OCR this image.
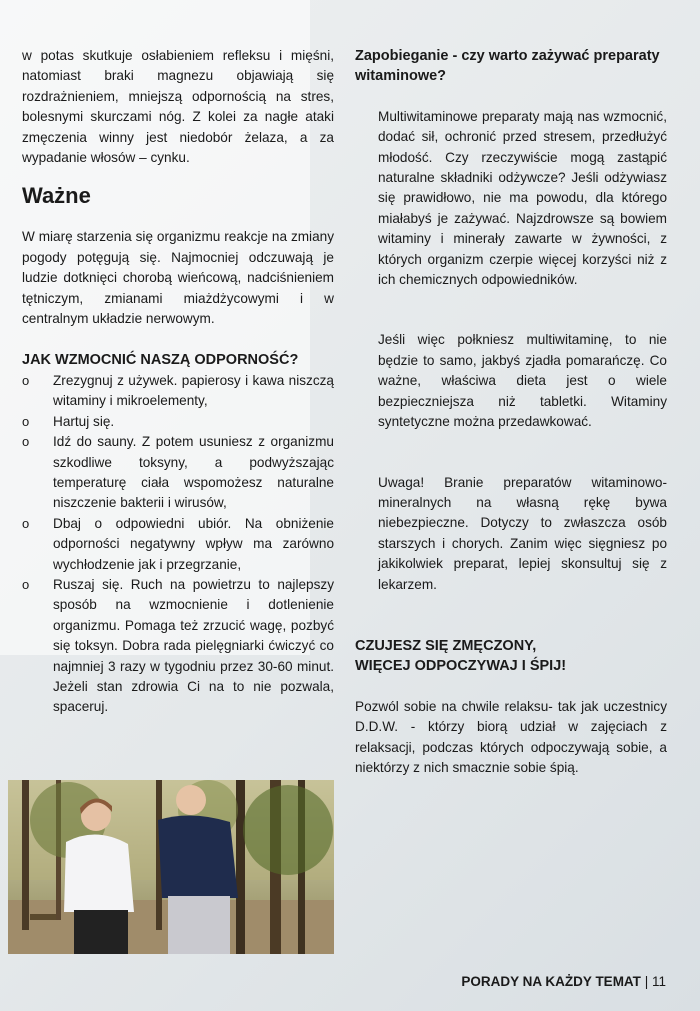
w potas skutkuje osłabieniem refleksu i mięśni, natomiast braki magnezu objawiają się rozdrażnieniem, mniejszą odpornością na stres, bolesnymi skurczami nóg. Z kolei za nagłe ataki zmęczenia winny jest niedobór żelaza, a za wypadanie włosów – cynku.

Ważne

W miarę starzenia się organizmu reakcje na zmiany pogody potęgują się. Najmocniej odczuwają je ludzie dotknięci chorobą wieńcową, nadciśnieniem tętniczym, zmianami miażdżycowymi i w centralnym układzie nerwowym.

JAK WZMOCNIĆ NASZĄ ODPORNOŚĆ?
o Zrezygnuj z używek. papierosy i kawa niszczą witaminy i mikroelementy,
o Hartuj się.
o Idź do sauny. Z potem usuniesz z organizmu szkodliwe toksyny, a podwyższając temperaturę ciała wspomożesz naturalne niszczenie bakterii i wirusów,
o Dbaj o odpowiedni ubiór. Na obniżenie odporności negatywny wpływ ma zarówno wychłodzenie jak i przegrzanie,
o Ruszaj się. Ruch na powietrzu to najlepszy sposób na wzmocnienie i dotlenienie organizmu. Pomaga też zrzucić wagę, pozbyć się toksyn. Dobra rada pielęgniarki ćwiczyć co najmniej 3 razy w tygodniu przez 30-60 minut. Jeżeli stan zdrowia Ci na to nie pozwala, spaceruj.
Zapobieganie - czy warto zażywać preparaty witaminowe?

Multiwitaminowe preparaty mają nas wzmocnić, dodać sił, ochronić przed stresem, przedłużyć młodość. Czy rzeczywiście mogą zastąpić naturalne składniki odżywcze? Jeśli odżywiasz się prawidłowo, nie ma powodu, dla którego miałabyś je zażywać. Najzdrowsze są bowiem witaminy i minerały zawarte w żywności, z których organizm czerpie więcej korzyści niż z ich chemicznych odpowiedników.

Jeśli więc połkniesz multiwitaminę, to nie będzie to samo, jakbyś zjadła pomarańczę. Co ważne, właściwa dieta jest o wiele bezpieczniejsza niż tabletki. Witaminy syntetyczne można przedawkować.

Uwaga! Branie preparatów witaminowo-mineralnych na własną rękę bywa niebezpieczne. Dotyczy to zwłaszcza osób starszych i chorych. Zanim więc sięgniesz po jakikolwiek preparat, lepiej skonsultuj się z lekarzem.

CZUJESZ SIĘ ZMĘCZONY,
WIĘCEJ ODPOCZYWAJ I ŚPIJ!

Pozwól sobie na chwile relaksu- tak jak uczestnicy D.D.W. - którzy biorą udział w zajęciach z relaksacji, podczas których odpoczywają sobie, a niektórzy z nich smacznie sobie śpią.

PORADY NA KAŻDY TEMAT | 11
